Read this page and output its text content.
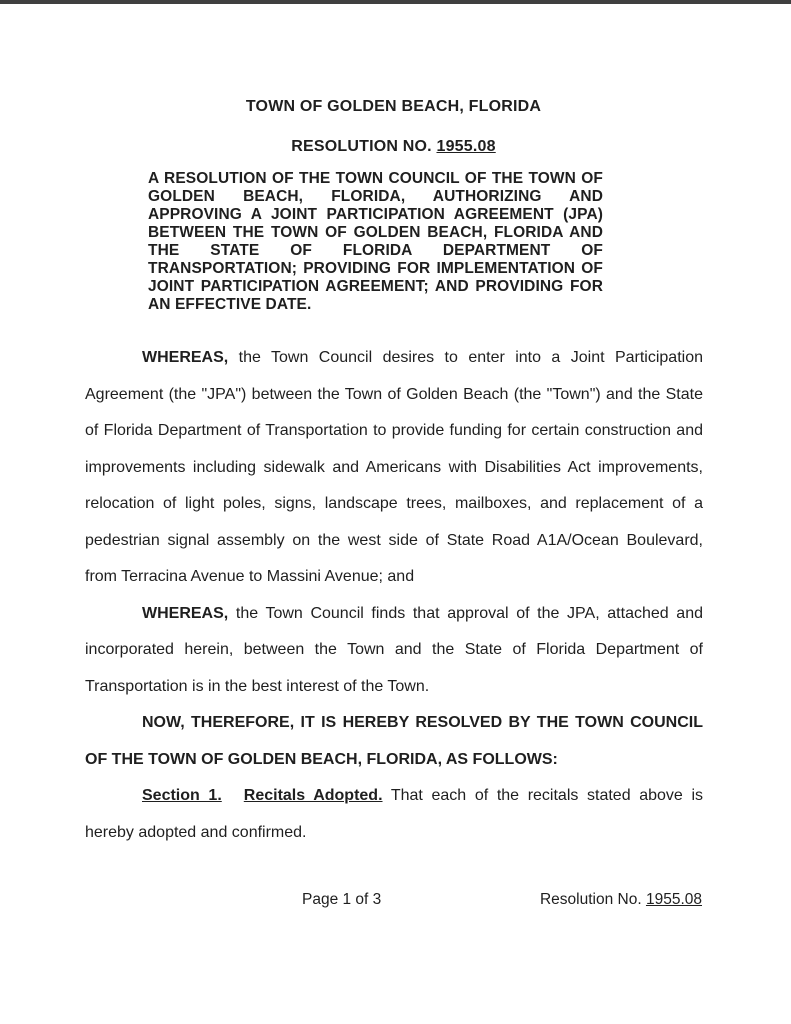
TOWN OF GOLDEN BEACH, FLORIDA
RESOLUTION NO. 1955.08
A RESOLUTION OF THE TOWN COUNCIL OF THE TOWN OF GOLDEN BEACH, FLORIDA, AUTHORIZING AND APPROVING A JOINT PARTICIPATION AGREEMENT (JPA) BETWEEN THE TOWN OF GOLDEN BEACH, FLORIDA AND THE STATE OF FLORIDA DEPARTMENT OF TRANSPORTATION; PROVIDING FOR IMPLEMENTATION OF JOINT PARTICIPATION AGREEMENT; AND PROVIDING FOR AN EFFECTIVE DATE.

WHEREAS, the Town Council desires to enter into a Joint Participation Agreement (the "JPA") between the Town of Golden Beach (the "Town") and the State of Florida Department of Transportation to provide funding for certain construction and improvements including sidewalk and Americans with Disabilities Act improvements, relocation of light poles, signs, landscape trees, mailboxes, and replacement of a pedestrian signal assembly on the west side of State Road A1A/Ocean Boulevard, from Terracina Avenue to Massini Avenue; and

WHEREAS, the Town Council finds that approval of the JPA, attached and incorporated herein, between the Town and the State of Florida Department of Transportation is in the best interest of the Town.

NOW, THEREFORE, IT IS HEREBY RESOLVED BY THE TOWN COUNCIL OF THE TOWN OF GOLDEN BEACH, FLORIDA, AS FOLLOWS:

Section 1. Recitals Adopted. That each of the recitals stated above is hereby adopted and confirmed.

Page 1 of 3	Resolution No. 1955.08
